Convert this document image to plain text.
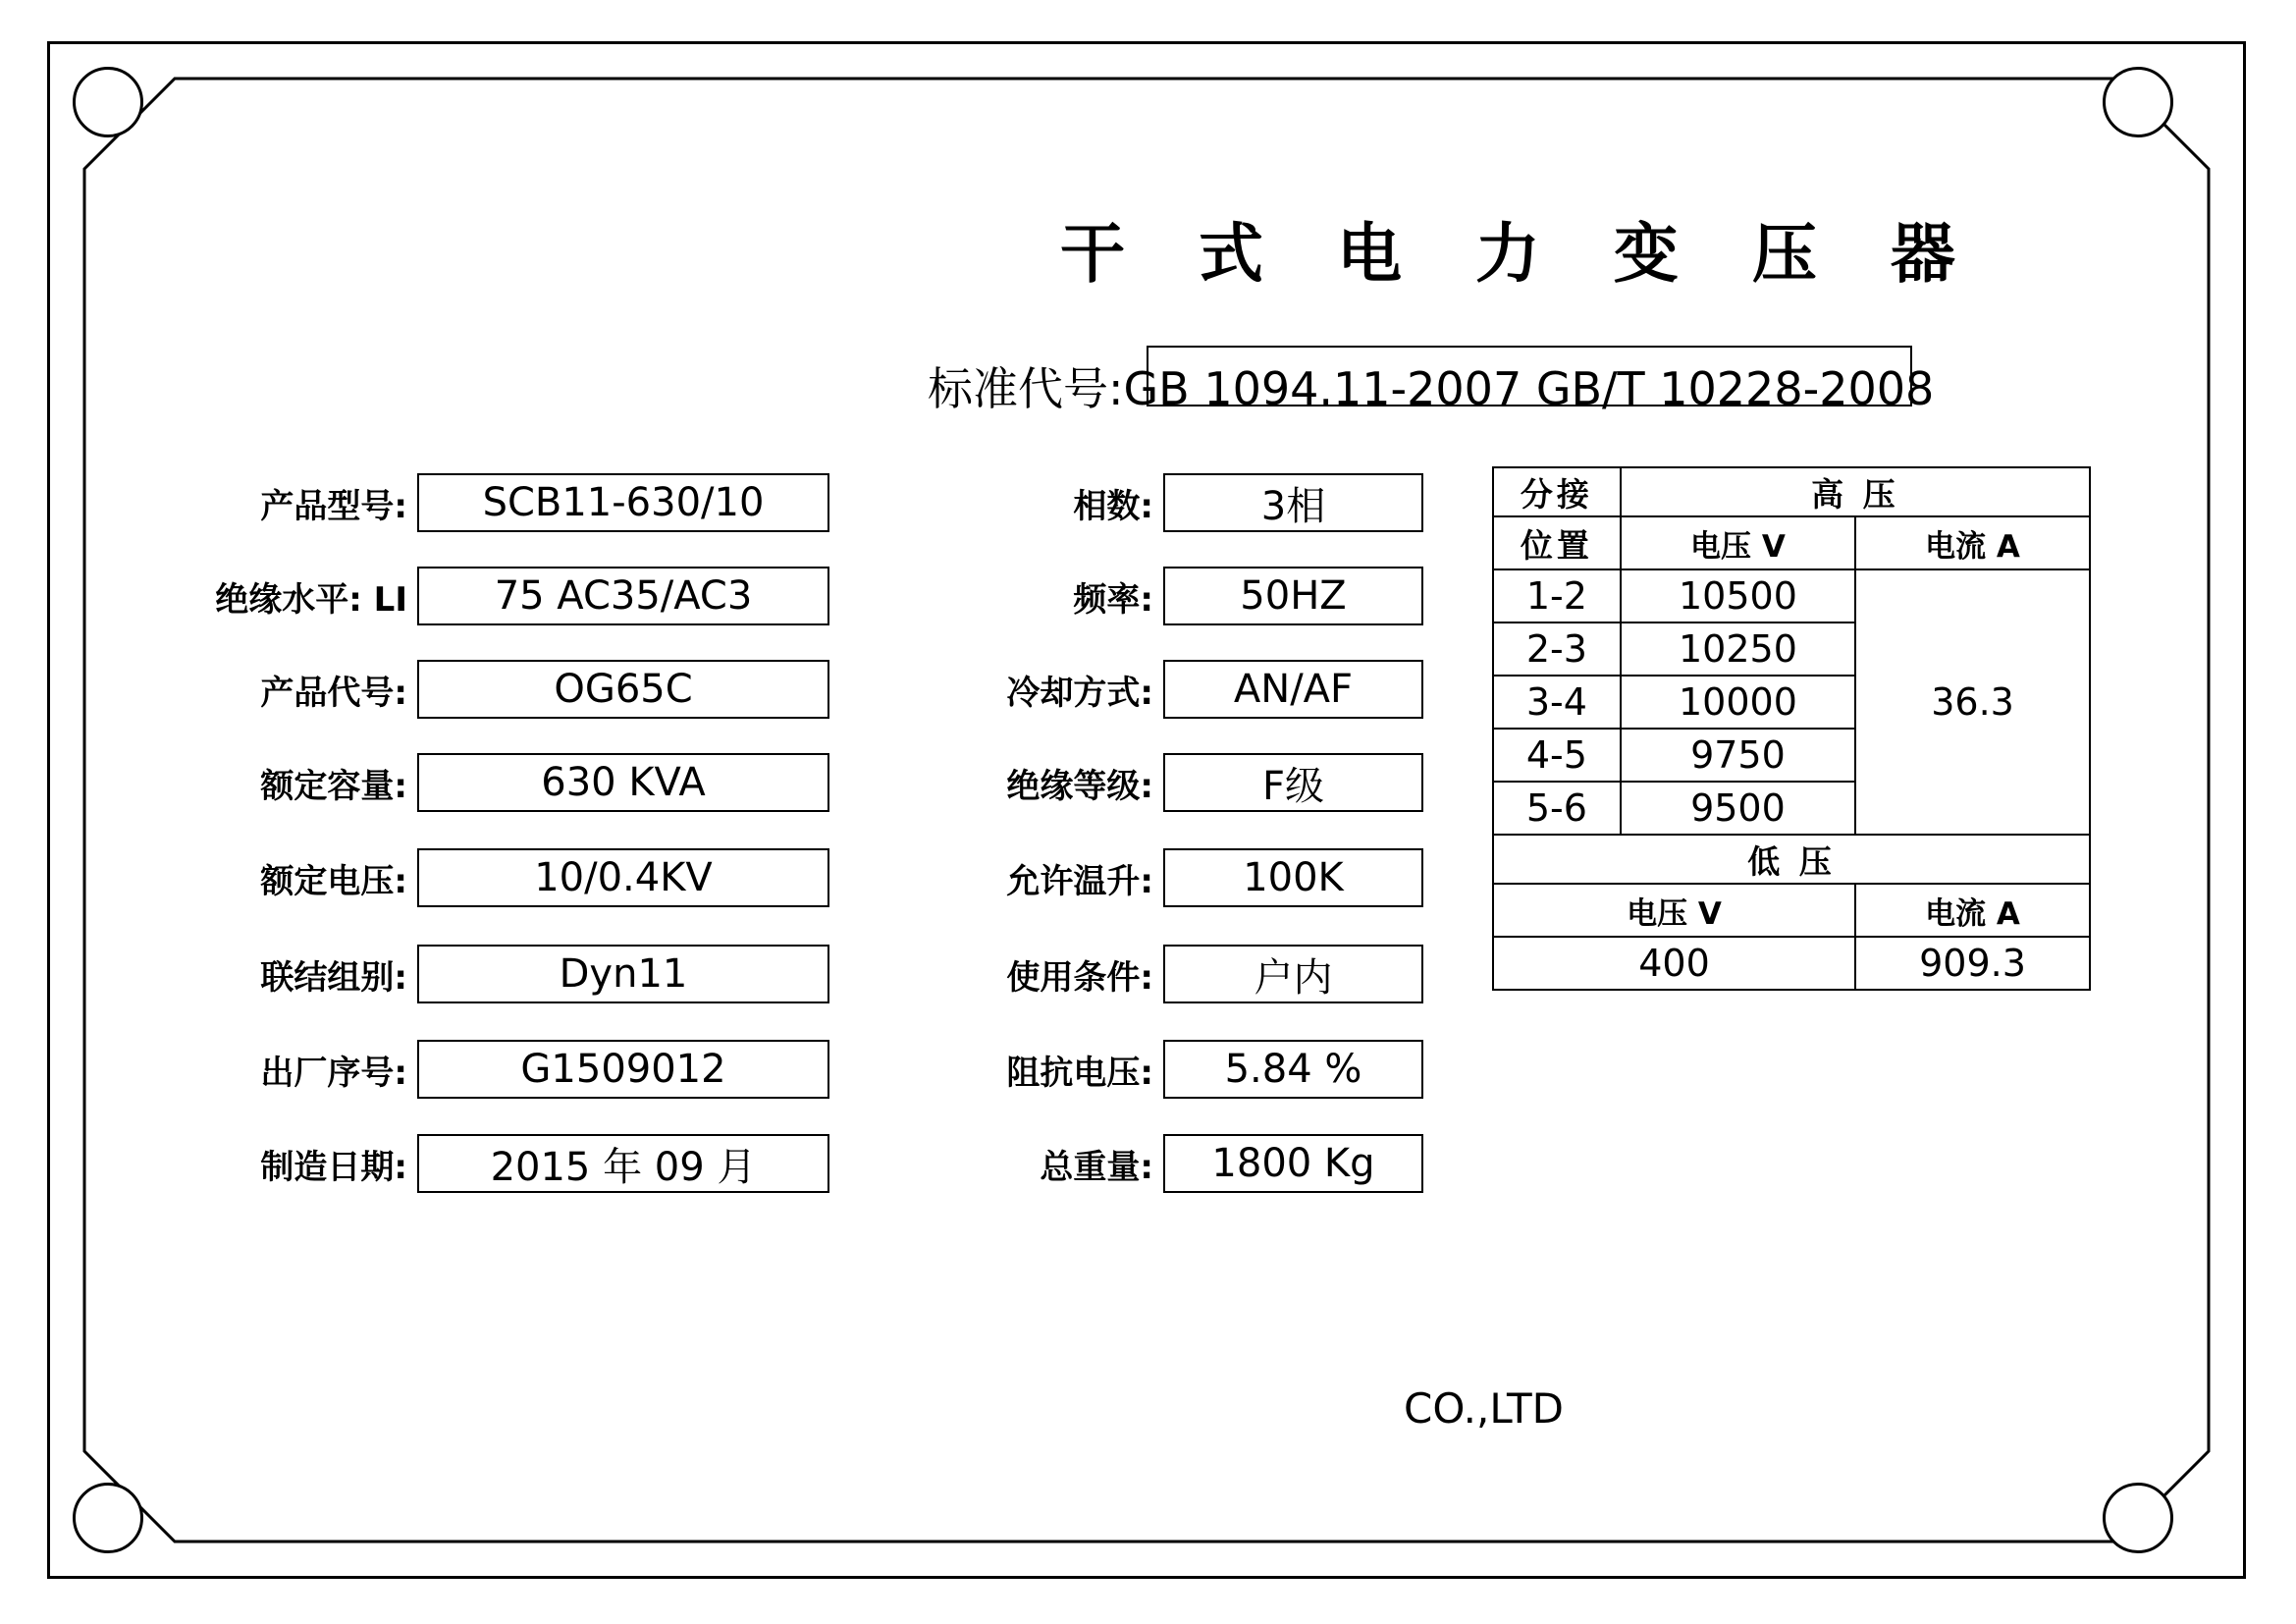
干 式 电 力 变 压 器
标准代号:GB 1094.11-2007 GB/T 10228-2008
产品型号:	SCB11-630/10
绝缘水平: LI	75 AC35/AC3
产品代号:	OG65C
额定容量:	630 KVA
额定电压:	10/0.4KV
联结组别:	Dyn11
出厂序号:	G1509012
制造日期:	2015 年 09 月
相数:	3相
频率:	50HZ
冷却方式:	AN/AF
绝缘等级:	F级
允许温升:	100K
使用条件:	户内
阻抗电压:	5.84 %
总重量:	1800 Kg
分接	高 压	
位置	电压 V	电流 A
1-2	10500	36.3
2-3	10250	
3-4	10000	
4-5	9750	
5-6	9500	
低 压		
电压 V		电流 A
400		909.3
CO.,LTD
